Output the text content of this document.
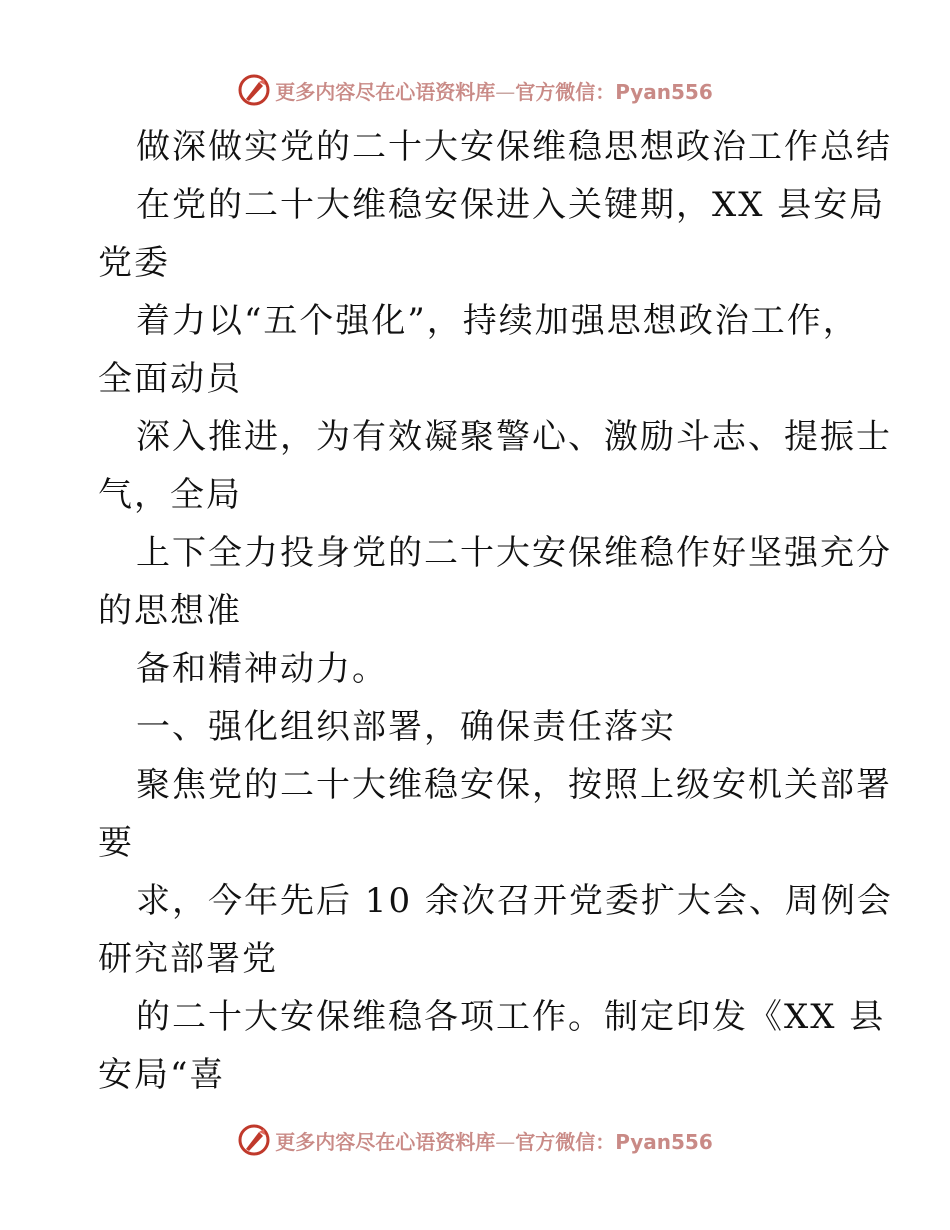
更多内容尽在心语资料库—官方微信：Pyan556
做深做实党的二十大安保维稳思想政治工作总结
在党的二十大维稳安保进入关键期，XX 县安局
党委
着力以“五个强化”，持续加强思想政治工作，
全面动员
深入推进，为有效凝聚警心、激励斗志、提振士
气，全局
上下全力投身党的二十大安保维稳作好坚强充分
的思想准
备和精神动力。
一、强化组织部署，确保责任落实
聚焦党的二十大维稳安保，按照上级安机关部署
要
求，今年先后 10 余次召开党委扩大会、周例会
研究部署党
的二十大安保维稳各项工作。制定印发《XX 县
安局“喜
更多内容尽在心语资料库—官方微信：Pyan556
